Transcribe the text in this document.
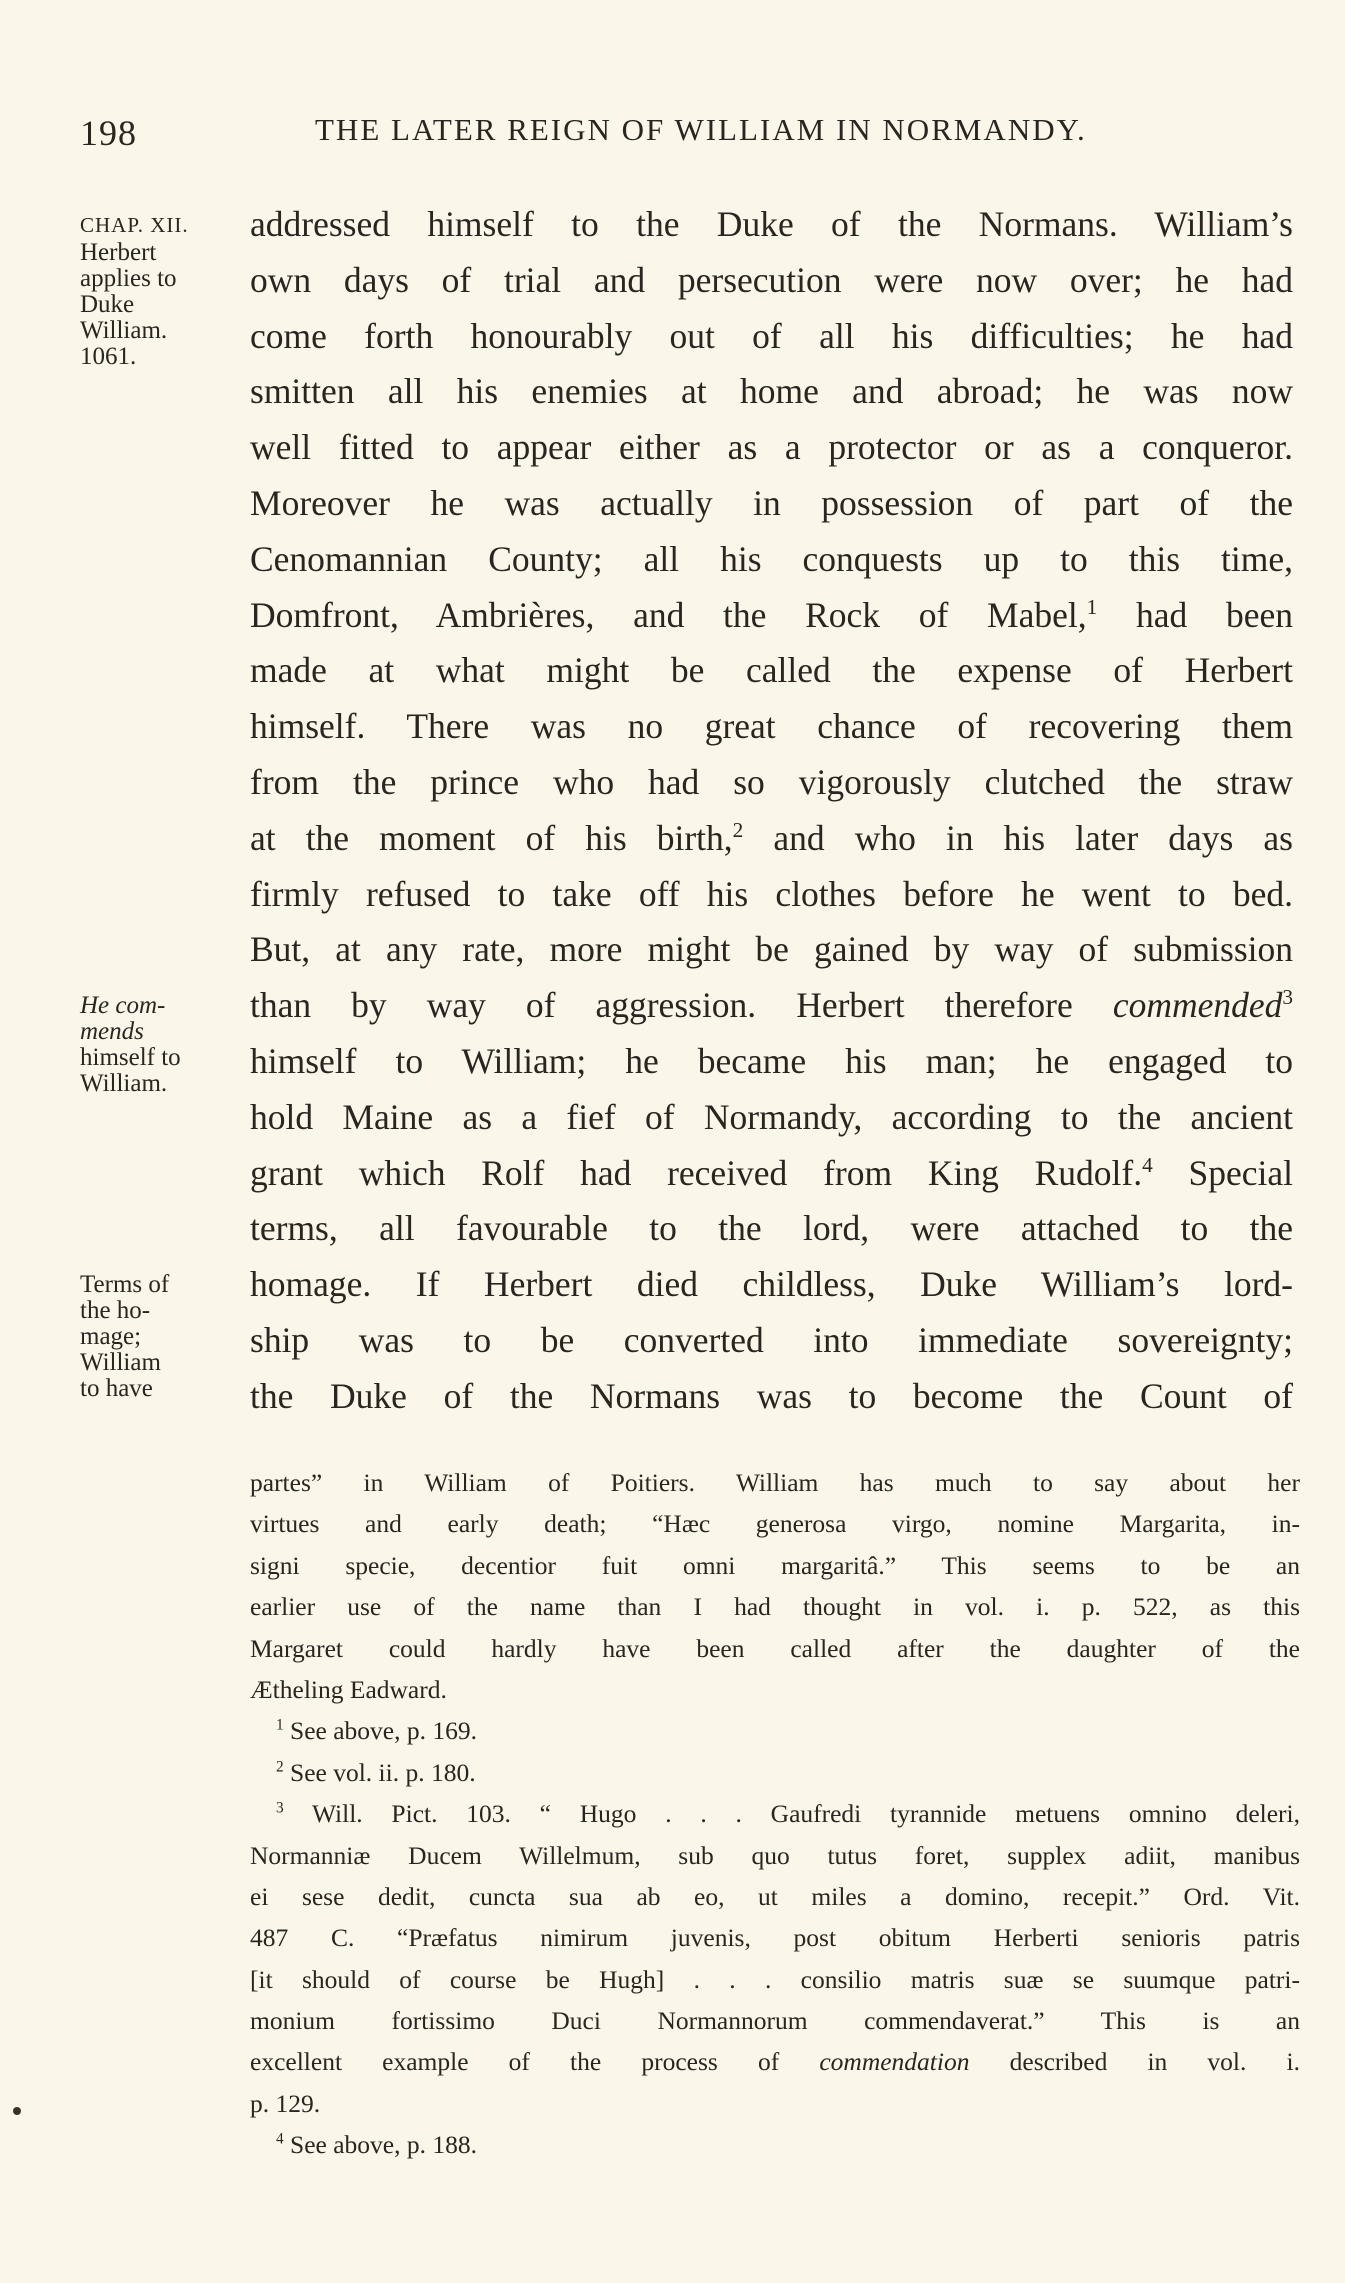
198	THE LATER REIGN OF WILLIAM IN NORMANDY.
CHAP. XII.
Herbert
applies to
Duke
William.
1061.
He com-
mends
himself to
William.
Terms of
the ho-
mage;
William
to have
addressed himself to the Duke of the Normans. William’s
own days of trial and persecution were now over; he had
come forth honourably out of all his difficulties; he had
smitten all his enemies at home and abroad; he was now
well fitted to appear either as a protector or as a conqueror.
Moreover he was actually in possession of part of the
Cenomannian County; all his conquests up to this time,
Domfront, Ambrières, and the Rock of Mabel,$^1$ had been
made at what might be called the expense of Herbert
himself. There was no great chance of recovering them
from the prince who had so vigorously clutched the straw
at the moment of his birth,$^2$ and who in his later days as
firmly refused to take off his clothes before he went to bed.
But, at any rate, more might be gained by way of submission
than by way of aggression. Herbert therefore commended$^3$
himself to William; he became his man; he engaged to
hold Maine as a fief of Normandy, according to the ancient
grant which Rolf had received from King Rudolf.$^4$ Special
terms, all favourable to the lord, were attached to the
homage. If Herbert died childless, Duke William’s lord-
ship was to be converted into immediate sovereignty;
the Duke of the Normans was to become the Count of
partes” in William of Poitiers. William has much to say about her
virtues and early death; “Hæc generosa virgo, nomine Margarita, in-
signi specie, decentior fuit omni margaritâ.” This seems to be an
earlier use of the name than I had thought in vol. i. p. 522, as this
Margaret could hardly have been called after the daughter of the
Ætheling Eadward.
$^1$ See above, p. 169.
$^2$ See vol. ii. p. 180.
$^3$ Will. Pict. 103. “ Hugo . . . Gaufredi tyrannide metuens omnino deleri,
Normanniæ Ducem Willelmum, sub quo tutus foret, supplex adiit, manibus
ei sese dedit, cuncta sua ab eo, ut miles a domino, recepit.” Ord. Vit.
487 C. “Præfatus nimirum juvenis, post obitum Herberti senioris patris
[it should of course be Hugh] . . . consilio matris suæ se suumque patri-
monium fortissimo Duci Normannorum commendaverat.” This is an
excellent example of the process of commendation described in vol. i.
p. 129.
$^4$ See above, p. 188.
